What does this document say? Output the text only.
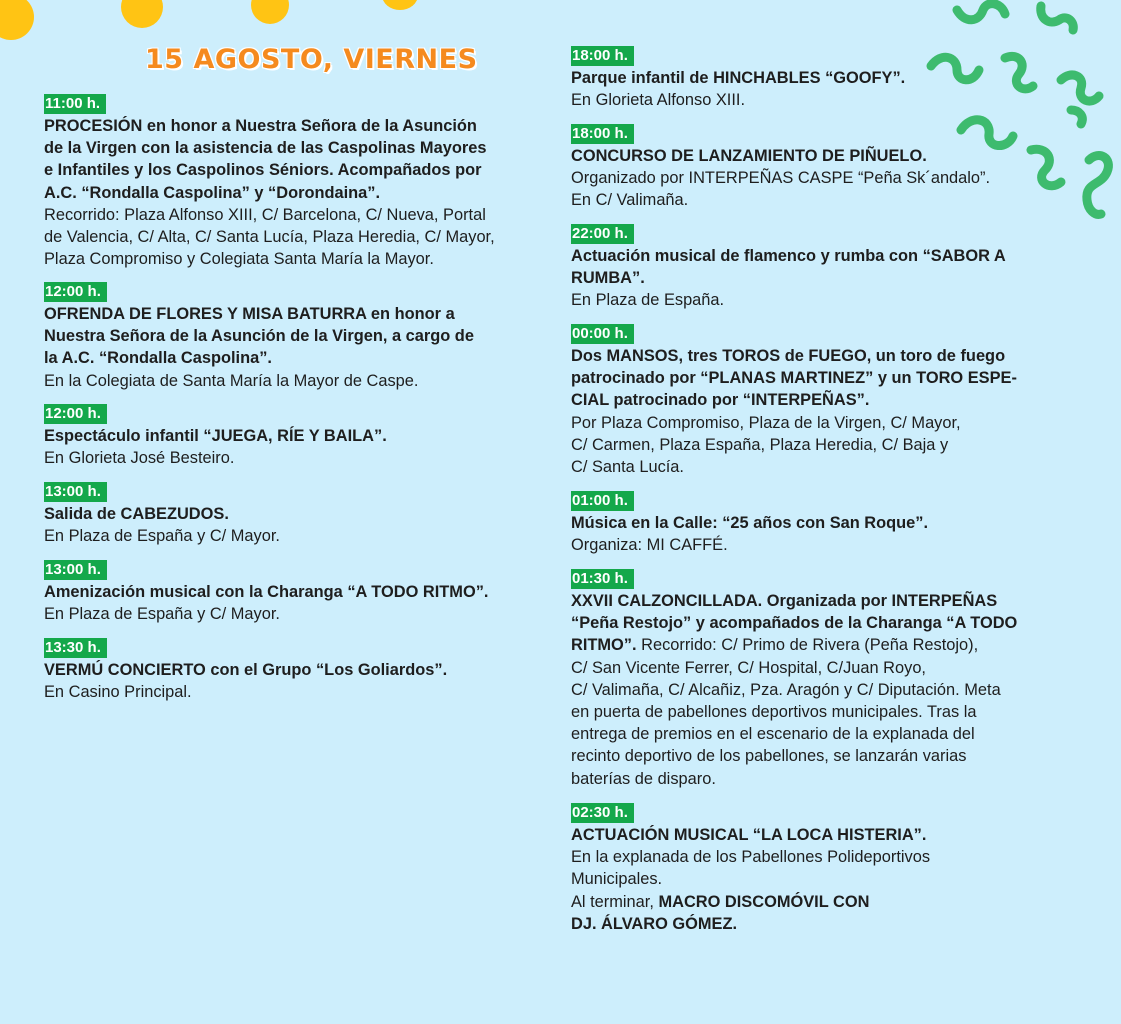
15 AGOSTO, VIERNES
11:00 h.
PROCESIÓN en honor a Nuestra Señora de la Asunción
de la Virgen con la asistencia de las Caspolinas Mayores
e Infantiles y los Caspolinos Séniors. Acompañados por
A.C. “Rondalla Caspolina” y “Dorondaina”.
Recorrido: Plaza Alfonso XIII, C/ Barcelona, C/ Nueva, Portal
de Valencia, C/ Alta, C/ Santa Lucía, Plaza Heredia, C/ Mayor,
Plaza Compromiso y Colegiata Santa María la Mayor.
12:00 h.
OFRENDA DE FLORES Y MISA BATURRA en honor a
Nuestra Señora de la Asunción de la Virgen, a cargo de
la A.C. “Rondalla Caspolina”.
En la Colegiata de Santa María la Mayor de Caspe.
12:00 h.
Espectáculo infantil “JUEGA, RÍE Y BAILA”.
En Glorieta José Besteiro.
13:00 h.
Salida de CABEZUDOS.
En Plaza de España y C/ Mayor.
13:00 h.
Amenización musical con la Charanga “A TODO RITMO”.
En Plaza de España y C/ Mayor.
13:30 h.
VERMÚ CONCIERTO con el Grupo “Los Goliardos”.
En Casino Principal.
18:00 h.
Parque infantil de HINCHABLES “GOOFY”.
En Glorieta Alfonso XIII.
18:00 h.
CONCURSO DE LANZAMIENTO DE PIÑUELO.
Organizado por INTERPEÑAS CASPE “Peña Sk´andalo”.
En C/ Valimaña.
22:00 h.
Actuación musical de flamenco y rumba con “SABOR A
RUMBA”.
En Plaza de España.
00:00 h.
Dos MANSOS, tres TOROS de FUEGO, un toro de fuego
patrocinado por “PLANAS MARTINEZ” y un TORO ESPE-
CIAL patrocinado por “INTERPEÑAS”.
Por Plaza Compromiso, Plaza de la Virgen, C/ Mayor,
C/ Carmen, Plaza España, Plaza Heredia, C/ Baja y
C/ Santa Lucía.
01:00 h.
Música en la Calle: “25 años con San Roque”.
Organiza: MI CAFFÉ.
01:30 h.
XXVII CALZONCILLADA. Organizada por INTERPEÑAS
“Peña Restojo” y acompañados de la Charanga “A TODO
RITMO”. Recorrido: C/ Primo de Rivera (Peña Restojo),
C/ San Vicente Ferrer, C/ Hospital, C/Juan Royo,
C/ Valimaña, C/ Alcañiz, Pza. Aragón y C/ Diputación. Meta
en puerta de pabellones deportivos municipales. Tras la
entrega de premios en el escenario de la explanada del
recinto deportivo de los pabellones, se lanzarán varias
baterías de disparo.
02:30 h.
ACTUACIÓN MUSICAL “LA LOCA HISTERIA”.
En la explanada de los Pabellones Polideportivos
Municipales.
Al terminar, MACRO DISCOMÓVIL CON
DJ. ÁLVARO GÓMEZ.
